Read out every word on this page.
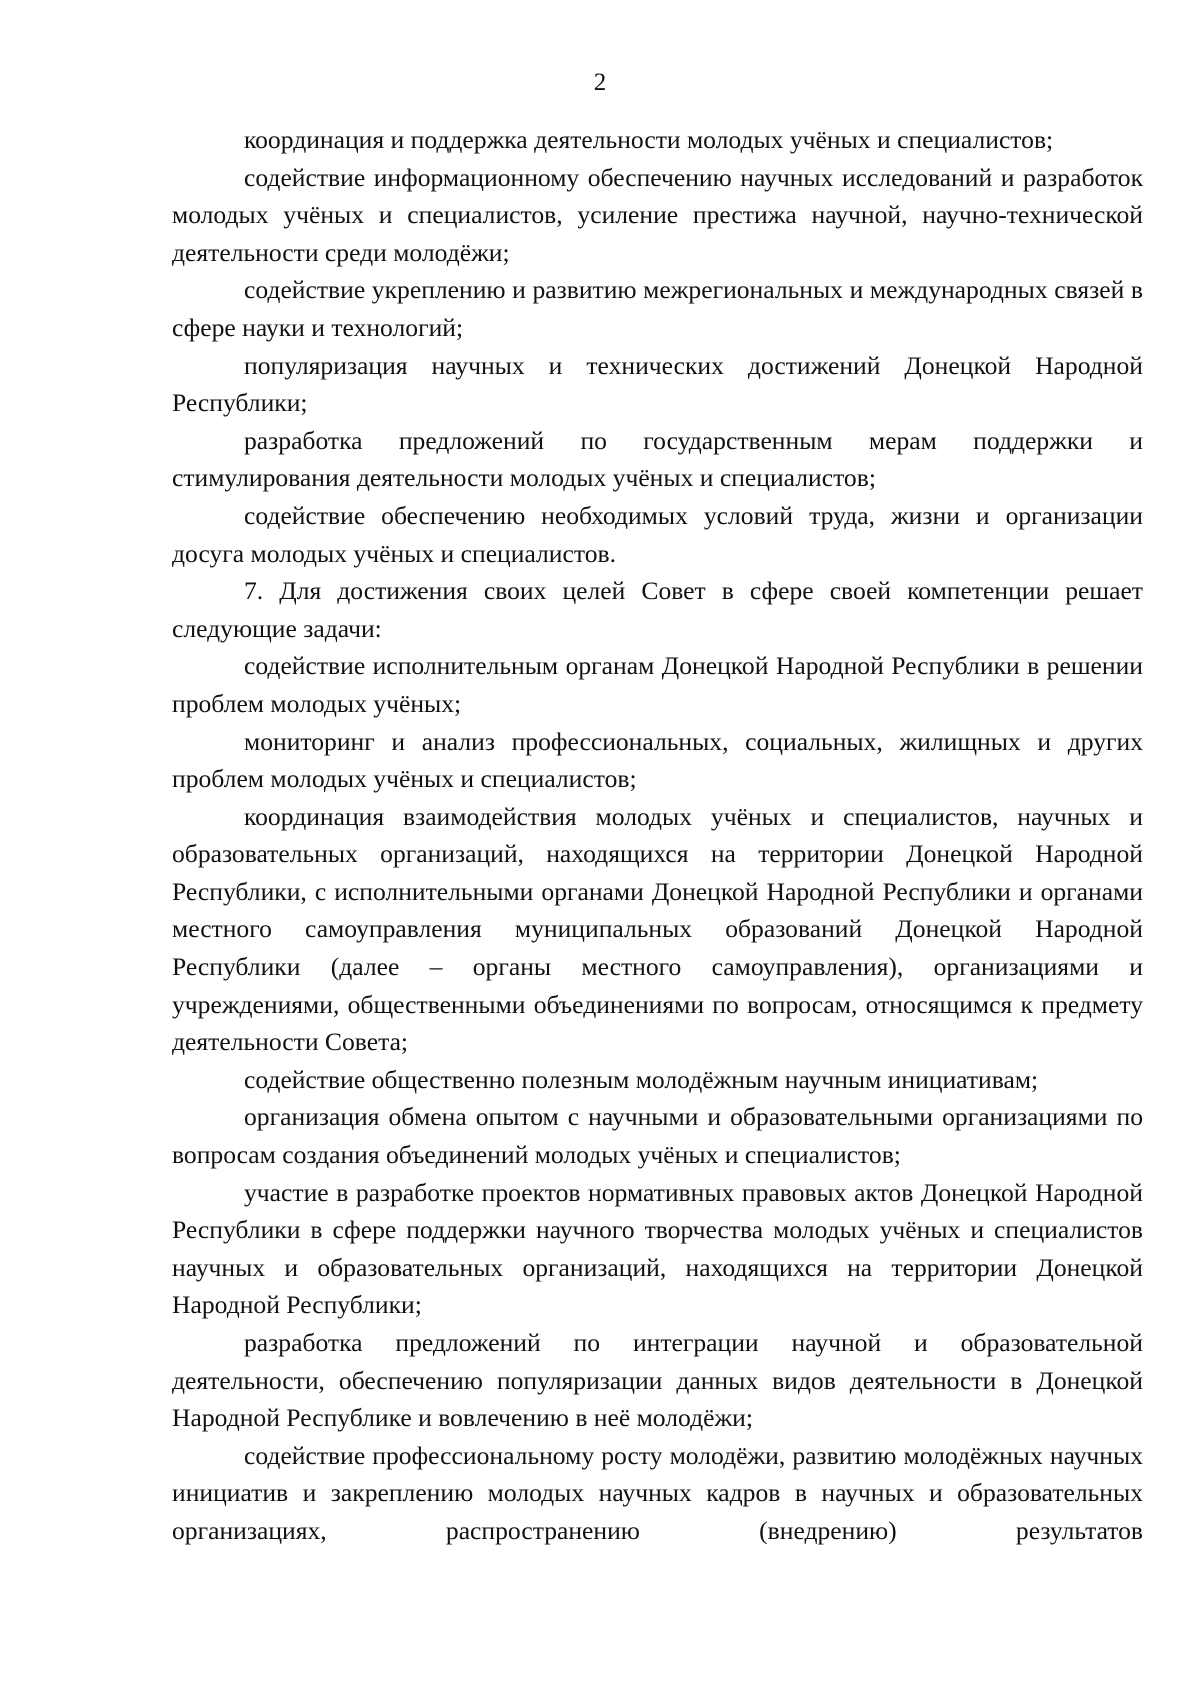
2

координация и поддержка деятельности молодых учёных и специалистов;

содействие информационному обеспечению научных исследований и разработок молодых учёных и специалистов, усиление престижа научной, научно-технической деятельности среди молодёжи;

содействие укреплению и развитию межрегиональных и международных связей в сфере науки и технологий;

популяризация научных и технических достижений Донецкой Народной Республики;

разработка предложений по государственным мерам поддержки и стимулирования деятельности молодых учёных и специалистов;

содействие обеспечению необходимых условий труда, жизни и организации досуга молодых учёных и специалистов.

7. Для достижения своих целей Совет в сфере своей компетенции решает следующие задачи:

содействие исполнительным органам Донецкой Народной Республики в решении проблем молодых учёных;

мониторинг и анализ профессиональных, социальных, жилищных и других проблем молодых учёных и специалистов;

координация взаимодействия молодых учёных и специалистов, научных и образовательных организаций, находящихся на территории Донецкой Народной Республики, с исполнительными органами Донецкой Народной Республики и органами местного самоуправления муниципальных образований Донецкой Народной Республики (далее – органы местного самоуправления), организациями и учреждениями, общественными объединениями по вопросам, относящимся к предмету деятельности Совета;

содействие общественно полезным молодёжным научным инициативам;

организация обмена опытом с научными и образовательными организациями по вопросам создания объединений молодых учёных и специалистов;

участие в разработке проектов нормативных правовых актов Донецкой Народной Республики в сфере поддержки научного творчества молодых учёных и специалистов научных и образовательных организаций, находящихся на территории Донецкой Народной Республики;

разработка предложений по интеграции научной и образовательной деятельности, обеспечению популяризации данных видов деятельности в Донецкой Народной Республике и вовлечению в неё молодёжи;

содействие профессиональному росту молодёжи, развитию молодёжных научных инициатив и закреплению молодых научных кадров в научных и образовательных организациях, распространению (внедрению) результатов
